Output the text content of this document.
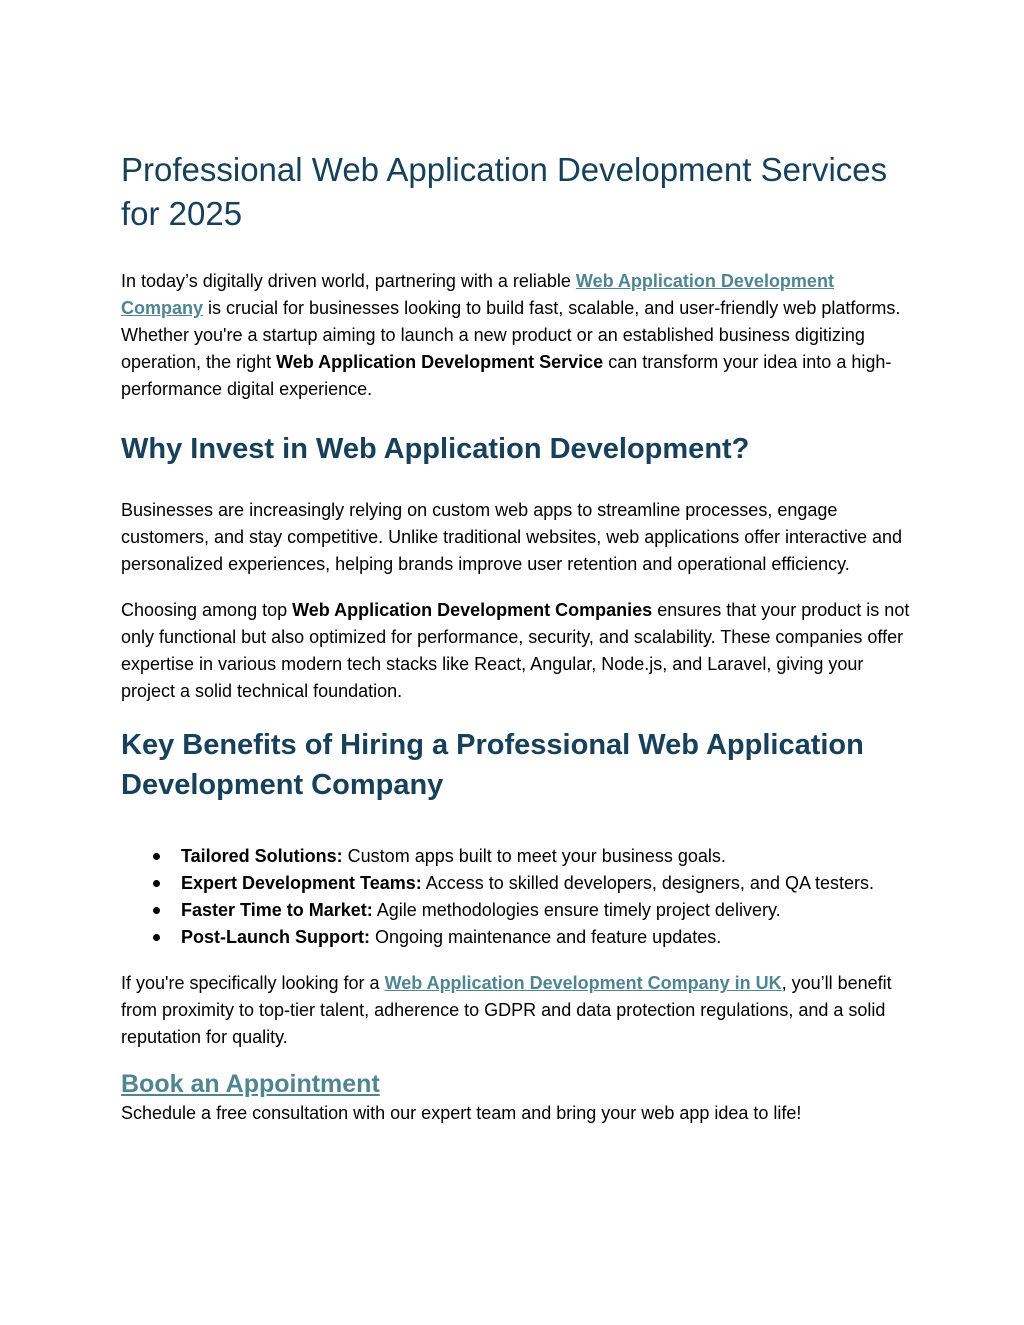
Professional Web Application Development Services for 2025

In today’s digitally driven world, partnering with a reliable Web Application Development Company is crucial for businesses looking to build fast, scalable, and user-friendly web platforms. Whether you're a startup aiming to launch a new product or an established business digitizing operation, the right Web Application Development Service can transform your idea into a high-performance digital experience.

Why Invest in Web Application Development?

Businesses are increasingly relying on custom web apps to streamline processes, engage customers, and stay competitive. Unlike traditional websites, web applications offer interactive and personalized experiences, helping brands improve user retention and operational efficiency.

Choosing among top Web Application Development Companies ensures that your product is not only functional but also optimized for performance, security, and scalability. These companies offer expertise in various modern tech stacks like React, Angular, Node.js, and Laravel, giving your project a solid technical foundation.

Key Benefits of Hiring a Professional Web Application Development Company
Tailored Solutions: Custom apps built to meet your business goals.
Expert Development Teams: Access to skilled developers, designers, and QA testers.
Faster Time to Market: Agile methodologies ensure timely project delivery.
Post-Launch Support: Ongoing maintenance and feature updates.

If you're specifically looking for a Web Application Development Company in UK, you’ll benefit from proximity to top-tier talent, adherence to GDPR and data protection regulations, and a solid reputation for quality.

Book an Appointment

Schedule a free consultation with our expert team and bring your web app idea to life!
